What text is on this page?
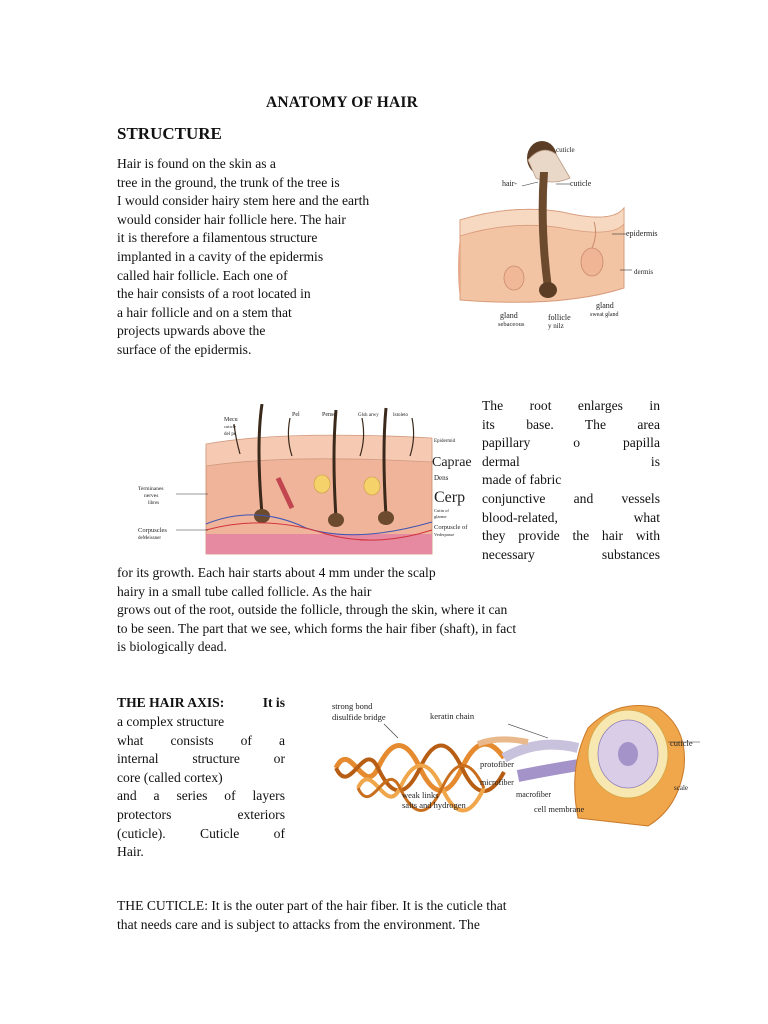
ANATOMY OF HAIR
STRUCTURE
Hair is found on the skin as a
tree in the ground, the trunk of the tree is
I would consider hairy stem here and the earth
would consider hair follicle here. The hair
it is therefore a filamentous structure
implanted in a cavity of the epidermis
called hair follicle. Each one of
the hair consists of a root located in
a hair follicle and on a stem that
projects upwards above the
surface of the epidermis.
cuticle
hair-	cuticle
epidermis
dermis
gland
sweat gland
gland
sebaceous
follicle
y nilz
Mecu
cuticle
del pe
Pel	Pense	Glsh arwy	Istoleto
Epidermid
Caprae
Dens
Cerp
Cutin of
glarme
Corpuscle of
Vederpasse
Terminanes
nerves
libres
Corpuscles
deMeissner
The root enlarges in
its base. The area
papillary o papilla
dermal is
made of fabric
conjunctive and vessels
blood-related, what
they provide the hair with
necessary substances
for its growth. Each hair starts about 4 mm under the scalp
hairy in a small tube called follicle. As the hair
grows out of the root, outside the follicle, through the skin, where it can
to be seen. The part that we see, which forms the hair fiber (shaft), in fact
is biologically dead.
THE HAIR AXIS:	It is
a complex structure
what consists of a
internal structure or
core (called cortex)
and a series of layers
protectors exteriors
(cuticle). Cuticle of
Hair.
strong bond
disulfide bridge	keratin chain
protofiber
microfiber
weak links
salts and hydrogen
macrofiber
cell membrane
cuticle
scale
THE CUTICLE: It is the outer part of the hair fiber. It is the cuticle that
that needs care and is subject to attacks from the environment. The
